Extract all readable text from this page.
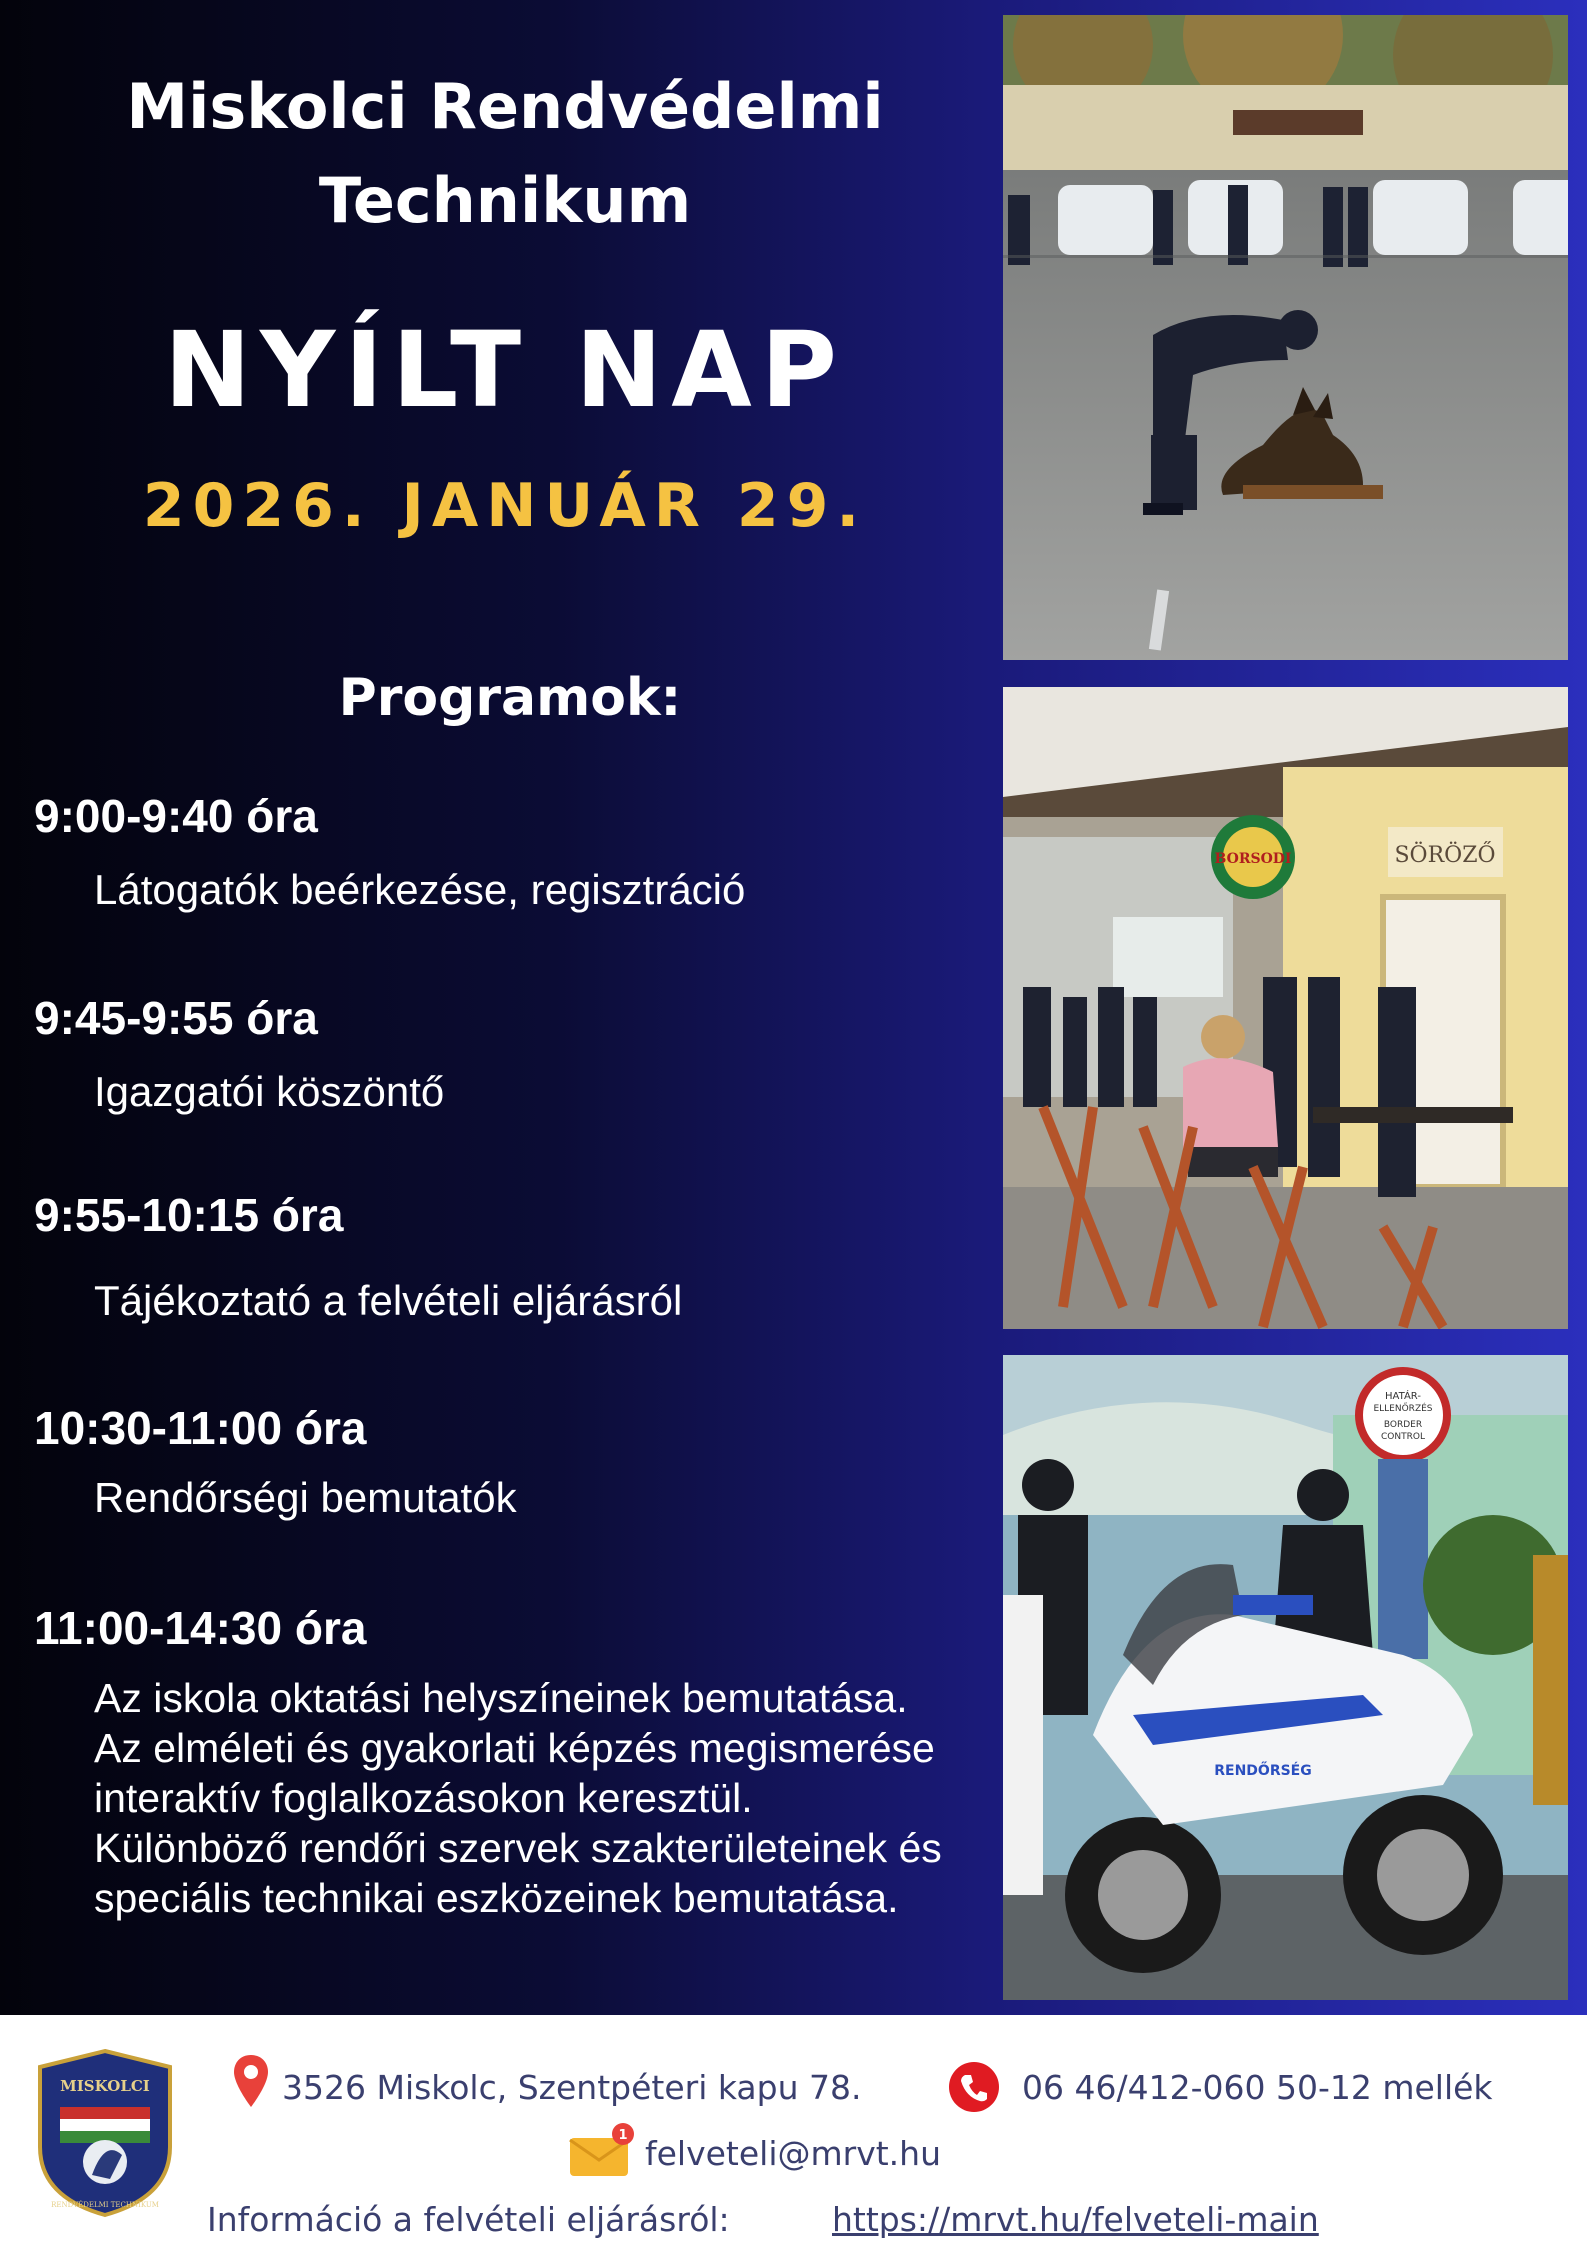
Miskolci Rendvédelmi
Technikum
NYÍLT NAP
2026. JANUÁR 29.
Programok:
9:00-9:40 óra
Látogatók beérkezése, regisztráció
9:45-9:55 óra
Igazgatói köszöntő
9:55-10:15 óra
Tájékoztató a felvételi eljárásról
10:30-11:00 óra
Rendőrségi bemutatók
11:00-14:30 óra
Az iskola oktatási helyszíneinek bemutatása.
Az elméleti és gyakorlati képzés megismerése
interaktív foglalkozásokon keresztül.
Különböző rendőri szervek szakterületeinek és
speciális technikai eszközeinek bemutatása.
BORSODI	SÖRÖZŐ
HATÁR-
ELLENŐRZÉS
BORDER
CONTROL
RENDŐRSÉG
MISKOLCI
RENDVÉDELMI TECHNIKUM
3526 Miskolc, Szentpéteri kapu 78.	06 46/412-060 50-12 mellék
1 felveteli@mrvt.hu
Információ a felvételi eljárásról:	https://mrvt.hu/felveteli-main
